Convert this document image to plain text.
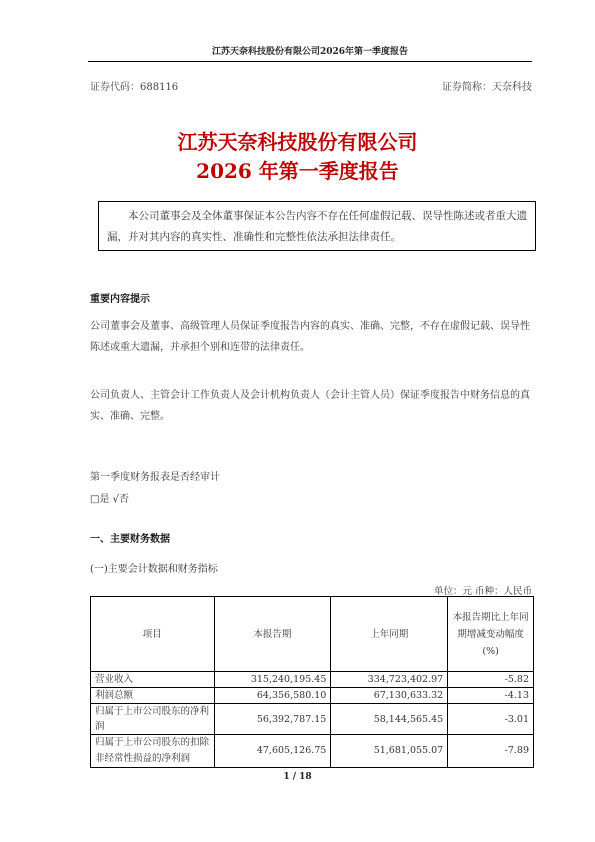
江苏天奈科技股份有限公司2026年第一季度报告
证券代码：688116	证券简称：天奈科技
江苏天奈科技股份有限公司
2026 年第一季度报告

本公司董事会及全体董事保证本公告内容不存在任何虚假记载、误导性陈述或者重大遗漏，并对其内容的真实性、准确性和完整性依法承担法律责任。

重要内容提示

公司董事会及董事、高级管理人员保证季度报告内容的真实、准确、完整，不存在虚假记载、误导性陈述或重大遗漏，并承担个别和连带的法律责任。

公司负责人、主管会计工作负责人及会计机构负责人（会计主管人员）保证季度报告中财务信息的真实、准确、完整。

第一季度财务报表是否经审计
□是 √否
一、主要财务数据
(一)主要会计数据和财务指标
单位：元 币种：人民币
项目	本报告期	上年同期	本报告期比上年同期增减变动幅度(%)
营业收入	315,240,195.45	334,723,402.97	-5.82
利润总额	64,356,580.10	67,130,633.32	-4.13
归属于上市公司股东的净利润	56,392,787.15	58,144,565.45	-3.01
归属于上市公司股东的扣除非经常性损益的净利润	47,605,126.75	51,681,055.07	-7.89
1 / 18
